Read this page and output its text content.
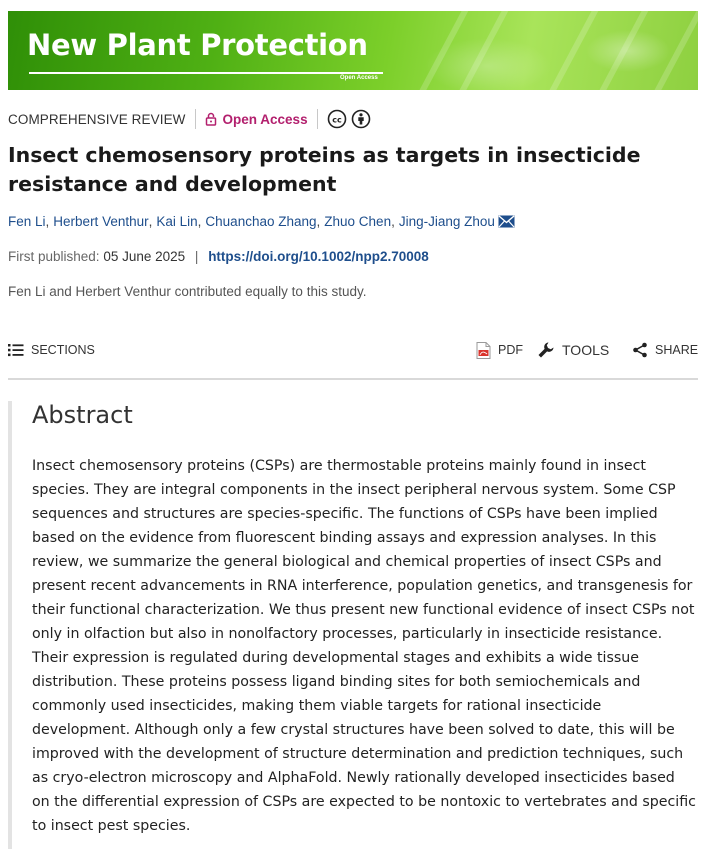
New Plant Protection
Open Access
COMPREHENSIVE REVIEW	Open Access	cc
Insect chemosensory proteins as targets in insecticide resistance and development
Fen Li , Herbert Venthur , Kai Lin , Chuanchao Zhang , Zhuo Chen , Jing-Jiang Zhou
First published: 05 June 2025 | https://doi.org/10.1002/npp2.70008
Fen Li and Herbert Venthur contributed equally to this study.
SECTIONS	PDF	TOOLS	SHARE
Abstract

Insect chemosensory proteins (CSPs) are thermostable proteins mainly found in insect species. They are integral components in the insect peripheral nervous system. Some CSP sequences and structures are species-specific. The functions of CSPs have been implied based on the evidence from fluorescent binding assays and expression analyses. In this review, we summarize the general biological and chemical properties of insect CSPs and present recent advancements in RNA interference, population genetics, and transgenesis for their functional characterization. We thus present new functional evidence of insect CSPs not only in olfaction but also in nonolfactory processes, particularly in insecticide resistance. Their expression is regulated during developmental stages and exhibits a wide tissue distribution. These proteins possess ligand binding sites for both semiochemicals and commonly used insecticides, making them viable targets for rational insecticide development. Although only a few crystal structures have been solved to date, this will be improved with the development of structure determination and prediction techniques, such as cryo-electron microscopy and AlphaFold. Newly rationally developed insecticides based on the differential expression of CSPs are expected to be nontoxic to vertebrates and specific to insect pest species.
